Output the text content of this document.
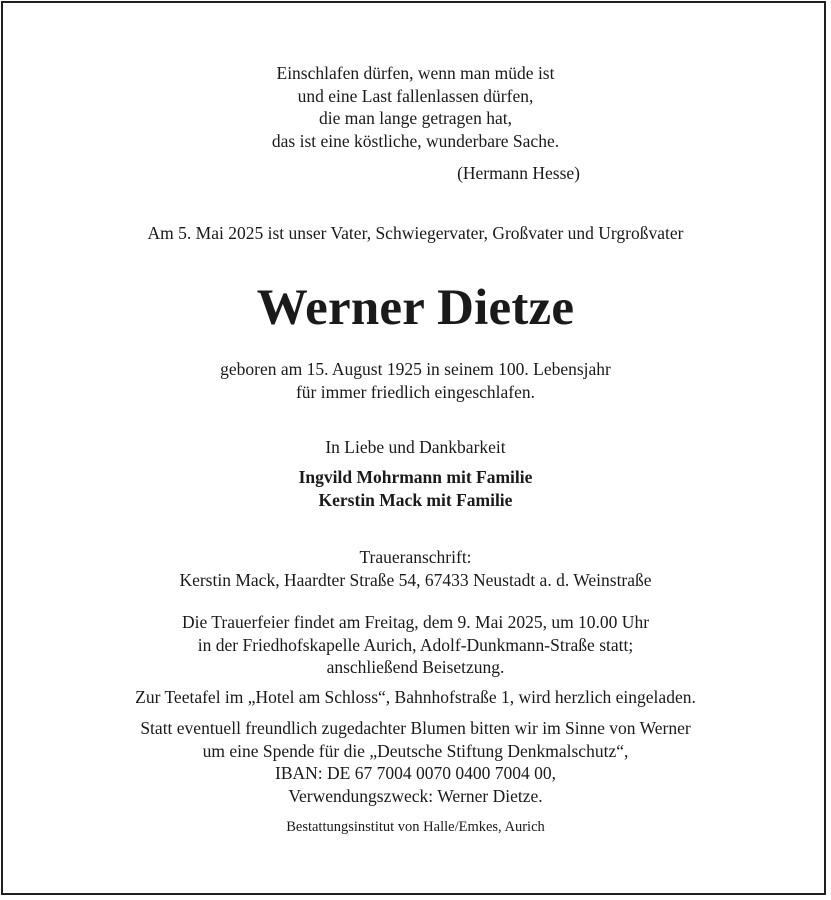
Einschlafen dürfen, wenn man müde ist

und eine Last fallenlassen dürfen,

die man lange getragen hat,

das ist eine köstliche, wunderbare Sache.

(Hermann Hesse)

Am 5. Mai 2025 ist unser Vater, Schwiegervater, Großvater und Urgroßvater

Werner Dietze

geboren am 15. August 1925 in seinem 100. Lebensjahr

für immer friedlich eingeschlafen.

In Liebe und Dankbarkeit

Ingvild Mohrmann mit Familie

Kerstin Mack mit Familie

Traueranschrift:

Kerstin Mack, Haardter Straße 54, 67433 Neustadt a. d. Weinstraße

Die Trauerfeier findet am Freitag, dem 9. Mai 2025, um 10.00 Uhr

in der Friedhofskapelle Aurich, Adolf-Dunkmann-Straße statt;

anschließend Beisetzung.

Zur Teetafel im „Hotel am Schloss“, Bahnhofstraße 1, wird herzlich eingeladen.

Statt eventuell freundlich zugedachter Blumen bitten wir im Sinne von Werner

um eine Spende für die „Deutsche Stiftung Denkmalschutz“,

IBAN: DE 67 7004 0070 0400 7004 00,

Verwendungszweck: Werner Dietze.

Bestattungsinstitut von Halle/Emkes, Aurich
